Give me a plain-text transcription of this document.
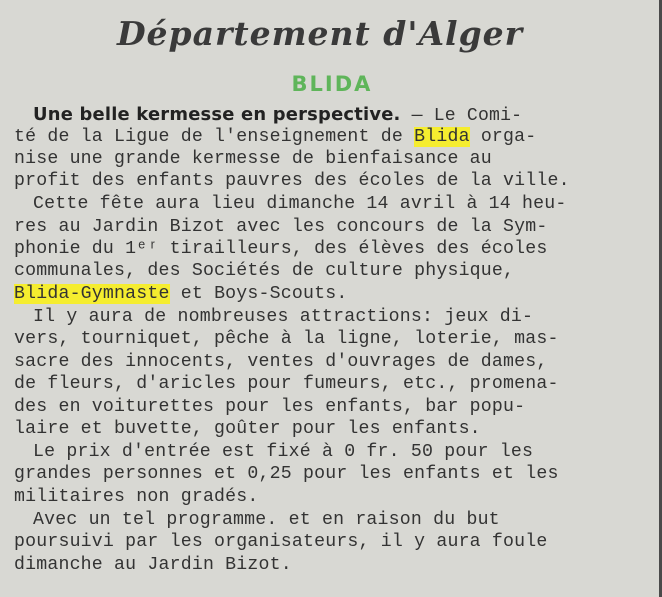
Département d'Alger
BLIDA
Une belle kermesse en perspective. — Le Comi-
té de la Ligue de l'enseignement de Blida orga-
nise une grande kermesse de bienfaisance au
profit des enfants pauvres des écoles de la ville.
Cette fête aura lieu dimanche 14 avril à 14 heu-
res au Jardin Bizot avec les concours de la Sym-
phonie du 1ᵉʳ tirailleurs, des élèves des écoles
communales, des Sociétés de culture physique,
Blida-Gymnaste et Boys-Scouts.
Il y aura de nombreuses attractions: jeux di-
vers, tourniquet, pêche à la ligne, loterie, mas-
sacre des innocents, ventes d'ouvrages de dames,
de fleurs, d'aricles pour fumeurs, etc., promena-
des en voiturettes pour les enfants, bar popu-
laire et buvette, goûter pour les enfants.
Le prix d'entrée est fixé à 0 fr. 50 pour les
grandes personnes et 0,25 pour les enfants et les
militaires non gradés.
Avec un tel programme. et en raison du but
poursuivi par les organisateurs, il y aura foule
dimanche au Jardin Bizot.
